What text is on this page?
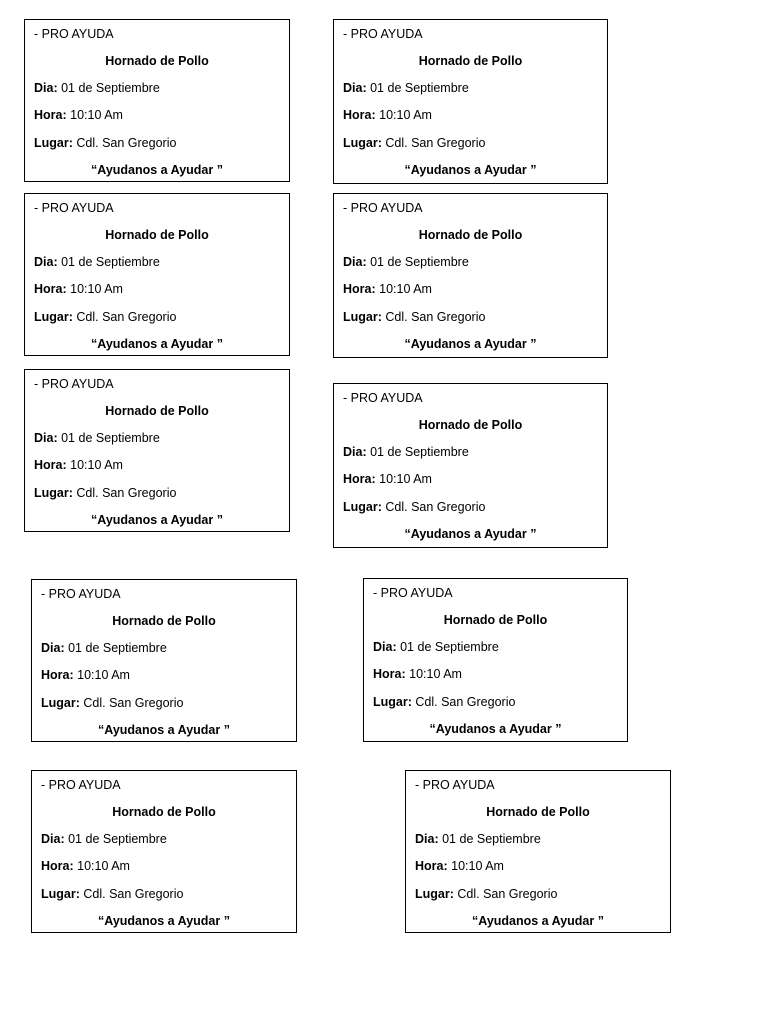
- PRO AYUDA
Hornado de Pollo
Dia: 01 de Septiembre
Hora: 10:10 Am
Lugar: Cdl. San Gregorio
“Ayudanos a Ayudar ”
- PRO AYUDA
Hornado de Pollo
Dia: 01 de Septiembre
Hora: 10:10 Am
Lugar: Cdl. San Gregorio
“Ayudanos a Ayudar ”
- PRO AYUDA
Hornado de Pollo
Dia: 01 de Septiembre
Hora: 10:10 Am
Lugar: Cdl. San Gregorio
“Ayudanos a Ayudar ”
- PRO AYUDA
Hornado de Pollo
Dia: 01 de Septiembre
Hora: 10:10 Am
Lugar: Cdl. San Gregorio
“Ayudanos a Ayudar ”
- PRO AYUDA
Hornado de Pollo
Dia: 01 de Septiembre
Hora: 10:10 Am
Lugar: Cdl. San Gregorio
“Ayudanos a Ayudar ”
- PRO AYUDA
Hornado de Pollo
Dia: 01 de Septiembre
Hora: 10:10 Am
Lugar: Cdl. San Gregorio
“Ayudanos a Ayudar ”
- PRO AYUDA
Hornado de Pollo
Dia: 01 de Septiembre
Hora: 10:10 Am
Lugar: Cdl. San Gregorio
“Ayudanos a Ayudar ”
- PRO AYUDA
Hornado de Pollo
Dia: 01 de Septiembre
Hora: 10:10 Am
Lugar: Cdl. San Gregorio
“Ayudanos a Ayudar ”
- PRO AYUDA
Hornado de Pollo
Dia: 01 de Septiembre
Hora: 10:10 Am
Lugar: Cdl. San Gregorio
“Ayudanos a Ayudar ”
- PRO AYUDA
Hornado de Pollo
Dia: 01 de Septiembre
Hora: 10:10 Am
Lugar: Cdl. San Gregorio
“Ayudanos a Ayudar ”
